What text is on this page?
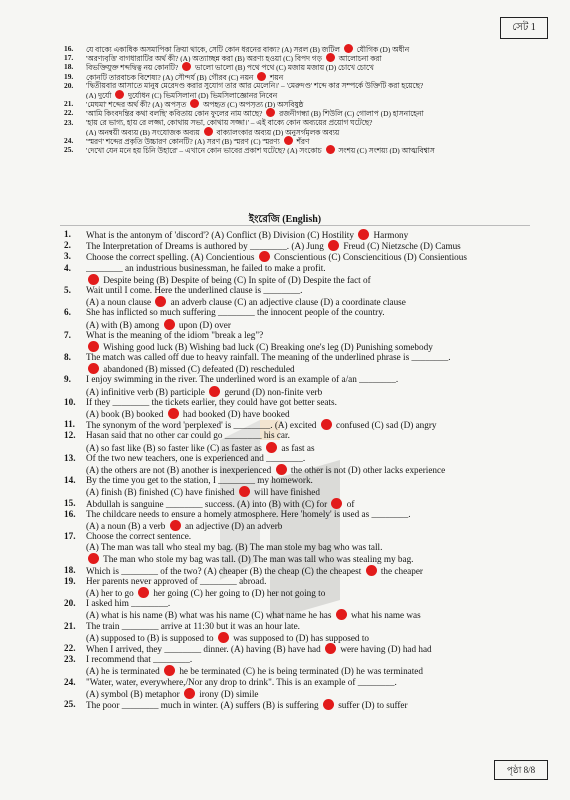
সেট 1
16.	যে বাক্যে একাধিক অসমাপিকা ক্রিয়া থাকে, সেটি কোন ধরনের বাক্য? (A) সরল (B) জটিল  যৌগিক (D) অধীন
17.	'অরণ্যবৃত্তি' বাগধারাটির অর্থ কী? (A) অত্যাচ্ছন্ন করা (B) অরণ্য হওয়া (C) বিপদ গড়  আলোচনা করা
18.	বিভক্তিযুক্ত শব্দদ্বিত্ব নয় কোনটি?  ভালো ভালো (B) পথে পথে (C) মজায় মজায় (D) চোখে চোখে
19.	কোনটি তারবাচক বিশেষ্য? (A) সৌন্দর্য (B) গৌরব (C) নয়ন  শয়ন
20.	'দ্বিতীয়বার আসাতে মানুষ মেরেদণ্ড করার সুযোগ তার আর মেলেনি।' – 'মেরুদণ্ড' শব্দে কার সম্পর্কে উক্তিটি করা হয়েছে?
(A) দুর্যো  দুর্যোধন (C) ভিমসিলানা (D) ভিমসিলাজ্ঞোনর নিবেন
21.	'মেঘমা' শব্দের অর্থ কী? (A) অপসৃত  অপহৃত (C) অপসৃত্য (D) অসবিষুষ্ঠ
22.	'আমি কিংবদন্তির কথা বলছি' কবিতায় কোন ফুলের নাম আছে?  রজনীগন্ধা (B) শিউলি (C) গোলাপ (D) হাসনাহেনা
23.	'হায় রে ভাগ্য, হায় রে লজ্জা, কোথায় সভা, কোথায় সজ্জা।' – এই বাক্যে কোন অব্যয়ের প্রয়োগ ঘটেছে?
(A) অনন্বয়ী অব্যয় (B) সংযোজক অব্যয়  বাক্যালংকার অব্যয় (D) অনুসর্গমূলক অব্যয়
24.	'স্মরণ' শব্দের প্রকৃতি উচ্চারণ কোনটি? (A) সরণ (B) স্মরণ (C) স্মরণ্য  শঁরণ
25.	'দেখো যেন মনে হয় চিনি উহারে' – এখানে কোন ভাবের প্রকাশ ঘটেছে? (A) সংকোচ  সংশয় (C) সংশয়্য (D) আত্মবিশ্বাস
ইংরেজি (English)
1.	What is the antonym of 'discord'? (A) Conflict (B) Division (C) Hostility  Harmony
2.	The Interpretation of Dreams is authored by ________. (A) Jung  Freud (C) Nietzsche (D) Camus
3.	Choose the correct spelling. (A) Concientious  Conscientious (C) Consciencitious (D) Consientious
4.	________ an industrious businessman, he failed to make a profit.
Despite being (B) Despite of being (C) In spite of (D) Despite the fact of
5.	Wait until I come. Here the underlined clause is ________.
(A) a noun clause  an adverb clause (C) an adjective clause (D) a coordinate clause
6.	She has inflicted so much suffering ________ the innocent people of the country.
(A) with (B) among  upon (D) over
7.	What is the meaning of the idiom "break a leg"?
Wishing good luck (B) Wishing bad luck (C) Breaking one's leg (D) Punishing somebody
8.	The match was called off due to heavy rainfall. The meaning of the underlined phrase is ________.
abandoned (B) missed (C) defeated (D) rescheduled
9.	I enjoy swimming in the river. The underlined word is an example of a/an ________.
(A) infinitive verb (B) participle  gerund (D) non-finite verb
10.	If they ________ the tickets earlier, they could have got better seats.
(A) book (B) booked  had booked (D) have booked
11.	The synonym of the word 'perplexed' is ________. (A) excited  confused (C) sad (D) angry
12.	Hasan said that no other car could go ________ his car.
(A) so fast like (B) so faster like (C) as faster as  as fast as
13.	Of the two new teachers, one is experienced and ________.
(A) the others are not (B) another is inexperienced  the other is not (D) other lacks experience
14.	By the time you get to the station, I ________ my homework.
(A) finish (B) finished (C) have finished  will have finished
15.	Abdullah is sanguine ________ success. (A) into (B) with (C) for  of
16.	The childcare needs to ensure a homely atmosphere. Here 'homely' is used as ________.
(A) a noun (B) a verb  an adjective (D) an adverb
17.	Choose the correct sentence.
(A) The man was tall who steal my bag. (B) The man stole my bag who was tall.
The man who stole my bag was tall. (D) The man was tall who was stealing my bag.
18.	Which is ________ of the two? (A) cheaper (B) the cheap (C) the cheapest  the cheaper
19.	Her parents never approved of ________ abroad.
(A) her to go  her going (C) her going to (D) her not going to
20.	I asked him ________.
(A) what is his name (B) what was his name (C) what name he has  what his name was
21.	The train ________ arrive at 11:30 but it was an hour late.
(A) supposed to (B) is supposed to  was supposed to (D) has supposed to
22.	When I arrived, they ________ dinner. (A) having (B) have had  were having (D) had had
23.	I recommend that ________.
(A) he is terminated  he be terminated (C) he is being terminated (D) he was terminated
24.	"Water, water, everywhere,/Nor any drop to drink". This is an example of ________.
(A) symbol (B) metaphor  irony (D) simile
25.	The poor ________ much in winter. (A) suffers (B) is suffering  suffer (D) to suffer
পৃষ্ঠা 8/8
